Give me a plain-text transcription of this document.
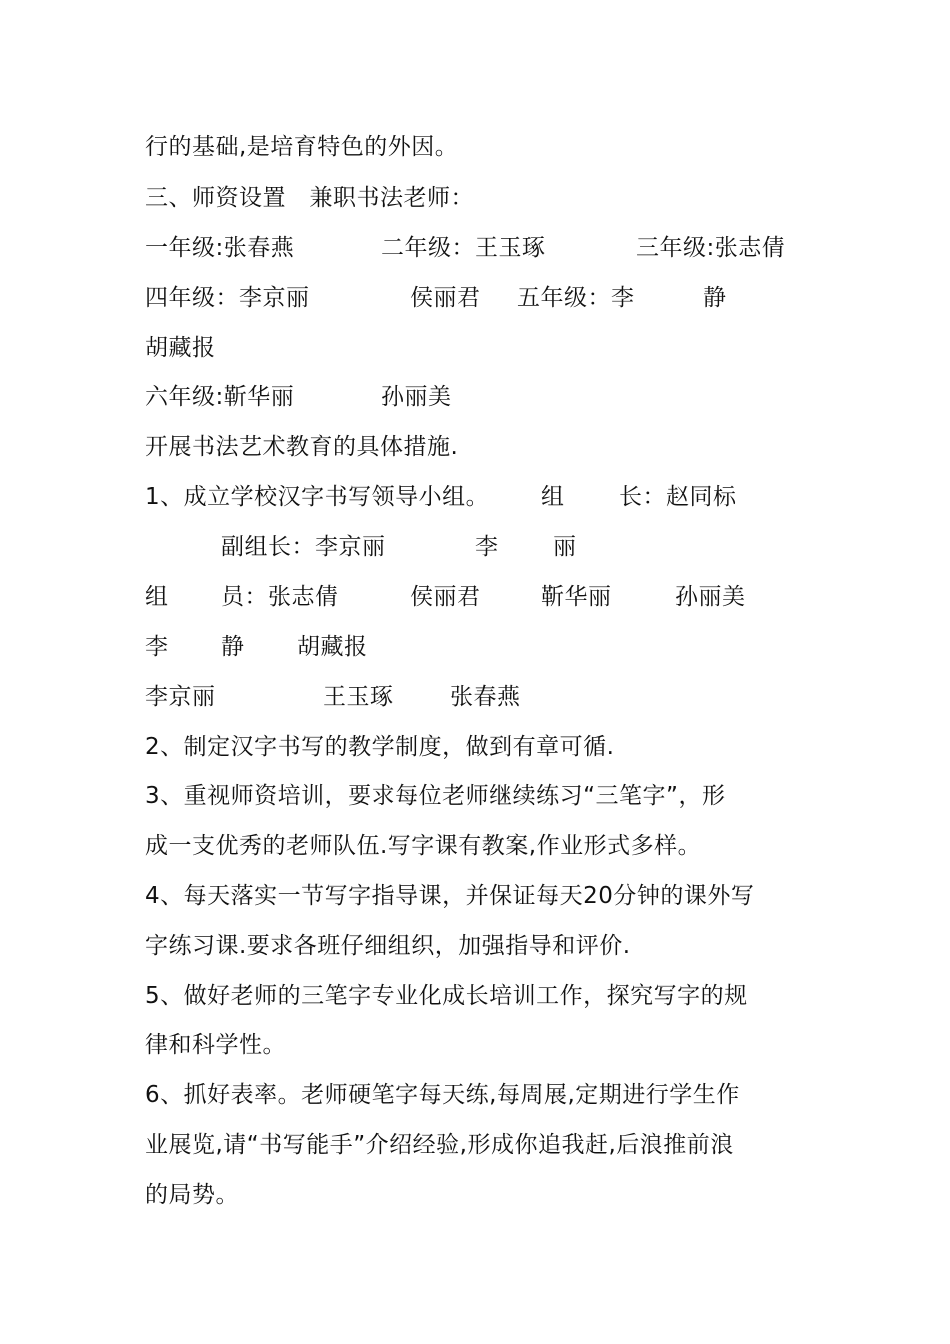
行的基础,是培育特色的外因。
三、师资设置　兼职书法老师：
一年级:张春燕	二年级：王玉琢	三年级:张志倩
四年级：李京丽	侯丽君 五年级：李	静
胡藏报
六年级:靳华丽	孙丽美
开展书法艺术教育的具体措施.
1、成立学校汉字书写领导小组。 组 长：赵同标
副组长：李京丽	李 丽
组 员：张志倩	侯丽君	靳华丽	孙丽美
李 静 胡藏报
李京丽	王玉琢 张春燕
2、制定汉字书写的教学制度，做到有章可循.
3、重视师资培训，要求每位老师继续练习“三笔字”，形
成一支优秀的老师队伍.写字课有教案,作业形式多样。
4、每天落实一节写字指导课，并保证每天20分钟的课外写
字练习课.要求各班仔细组织，加强指导和评价.
5、做好老师的三笔字专业化成长培训工作，探究写字的规
律和科学性。
6、抓好表率。老师硬笔字每天练,每周展,定期进行学生作
业展览,请“书写能手”介绍经验,形成你追我赶,后浪推前浪
的局势。
